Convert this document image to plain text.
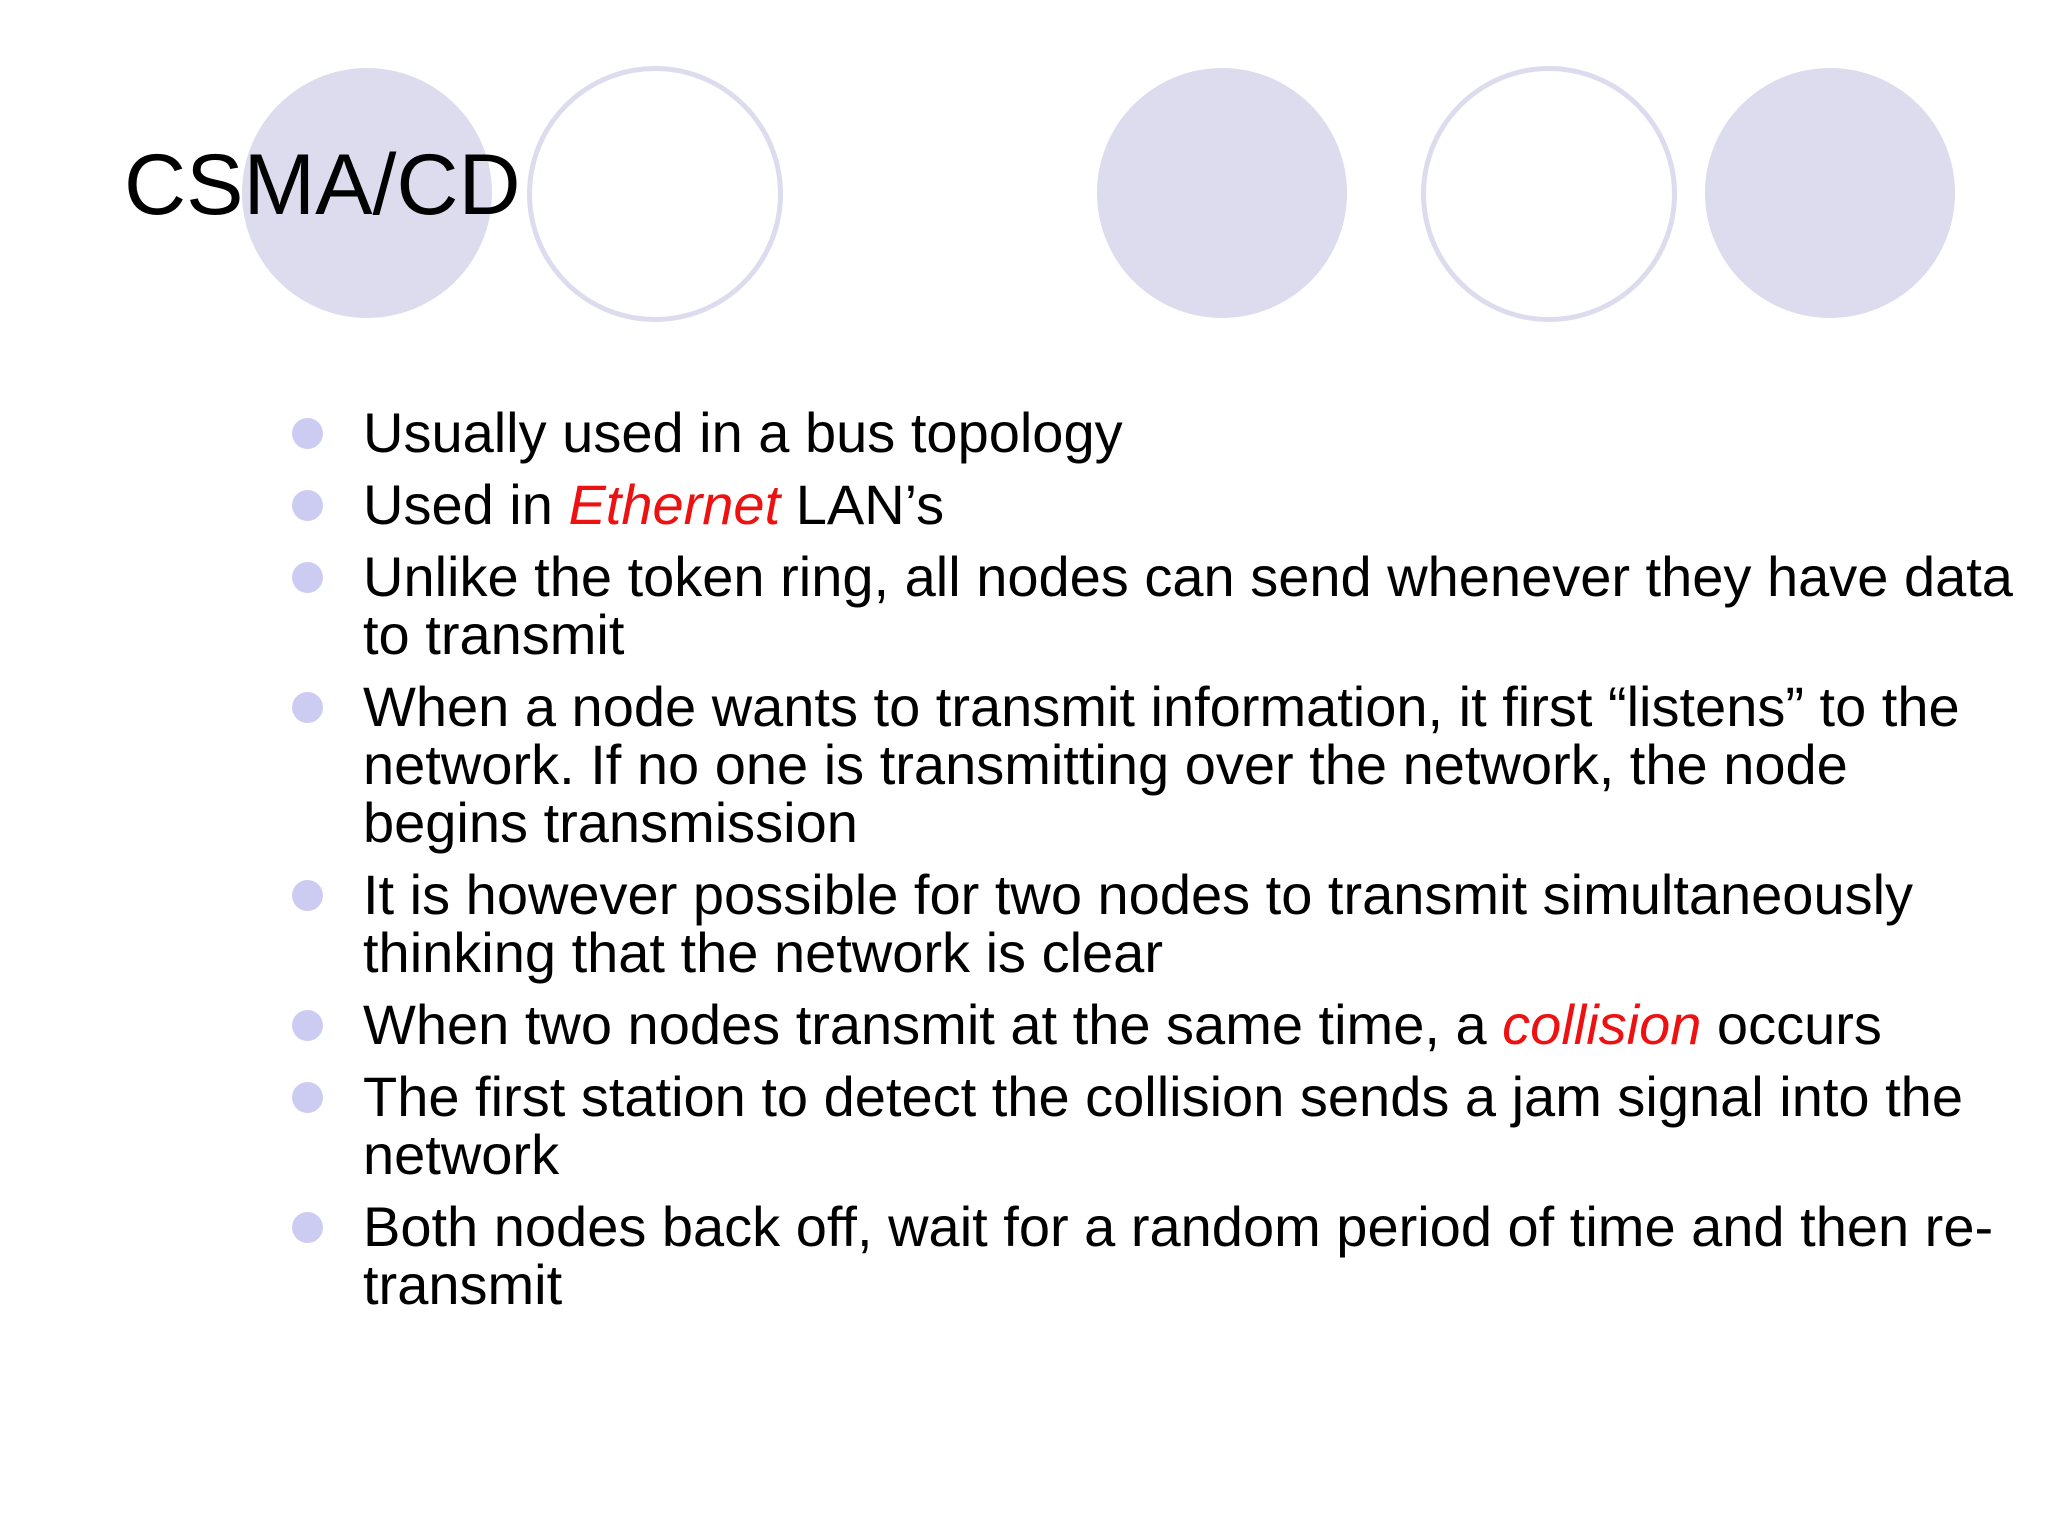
CSMA/CD
Usually used in a bus topology
Used in Ethernet LAN’s
Unlike the token ring, all nodes can send whenever they have data to transmit
When a node wants to transmit information, it first “listens” to the network. If no one is transmitting over the network, the node begins transmission
It is however possible for two nodes to transmit simultaneously thinking that the network is clear
When two nodes transmit at the same time, a collision occurs
The first station to detect the collision sends a jam signal into the network
Both nodes back off, wait for a random period of time and then re-transmit
